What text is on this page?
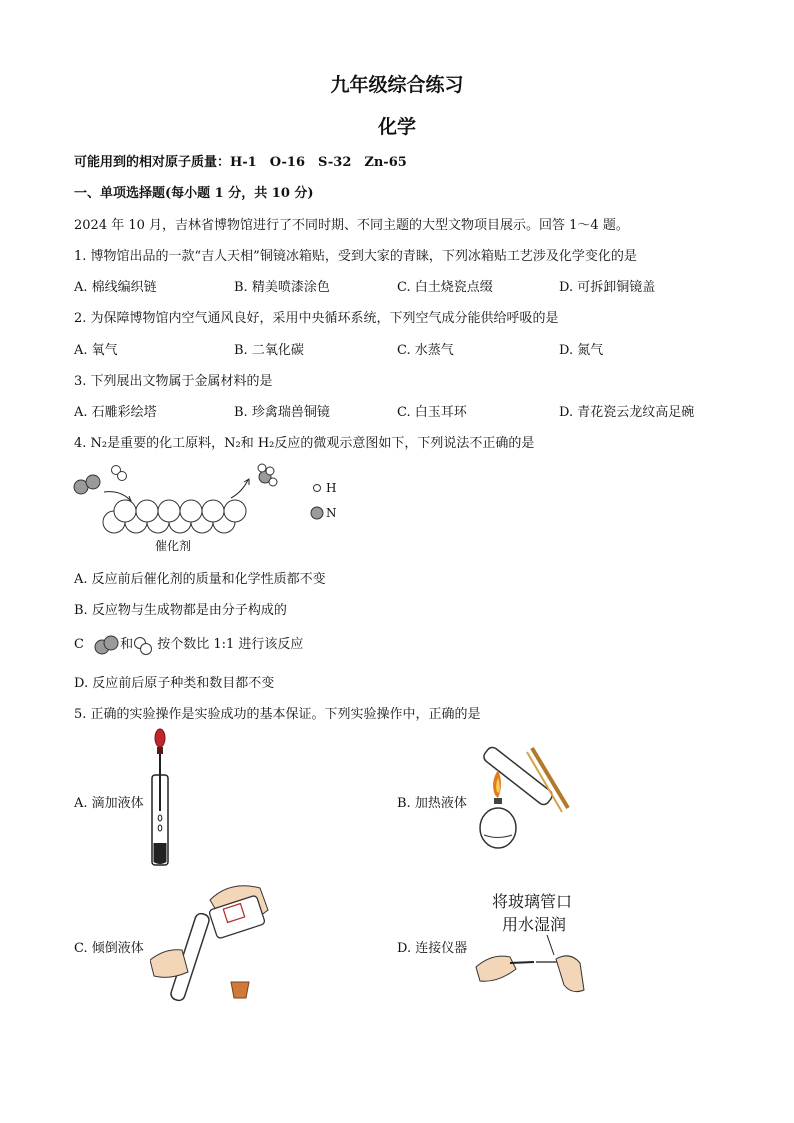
九年级综合练习
化学
可能用到的相对原子质量：H-1　O-16　S-32　Zn-65
一、单项选择题(每小题 1 分，共 10 分)
2024 年 10 月，吉林省博物馆进行了不同时期、不同主题的大型文物项目展示。回答 1～4 题。
1. 博物馆出品的一款“吉人天相”铜镜冰箱贴，受到大家的青睐，下列冰箱贴工艺涉及化学变化的是
A. 棉线编织链	B. 精美喷漆涂色	C. 白土烧瓷点缀	D. 可拆卸铜镜盖
2. 为保障博物馆内空气通风良好，采用中央循环系统，下列空气成分能供给呼吸的是
A. 氧气	B. 二氧化碳	C. 水蒸气	D. 氮气
3. 下列展出文物属于金属材料的是
A. 石雕彩绘塔	B. 珍禽瑞兽铜镜	C. 白玉耳环	D. 青花瓷云龙纹高足碗
4. N₂是重要的化工原料，N₂和 H₂反应的微观示意图如下，下列说法不正确的是
催化剂
H
N
A. 反应前后催化剂的质量和化学性质都不变
B. 反应物与生成物都是由分子构成的
C	和 按个数比 1:1 进行该反应
D. 反应前后原子种类和数目都不变
5. 正确的实验操作是实验成功的基本保证。下列实验操作中，正确的是
A. 滴加液体	B. 加热液体
C. 倾倒液体	D. 连接仪器
将玻璃管口
用水湿润
